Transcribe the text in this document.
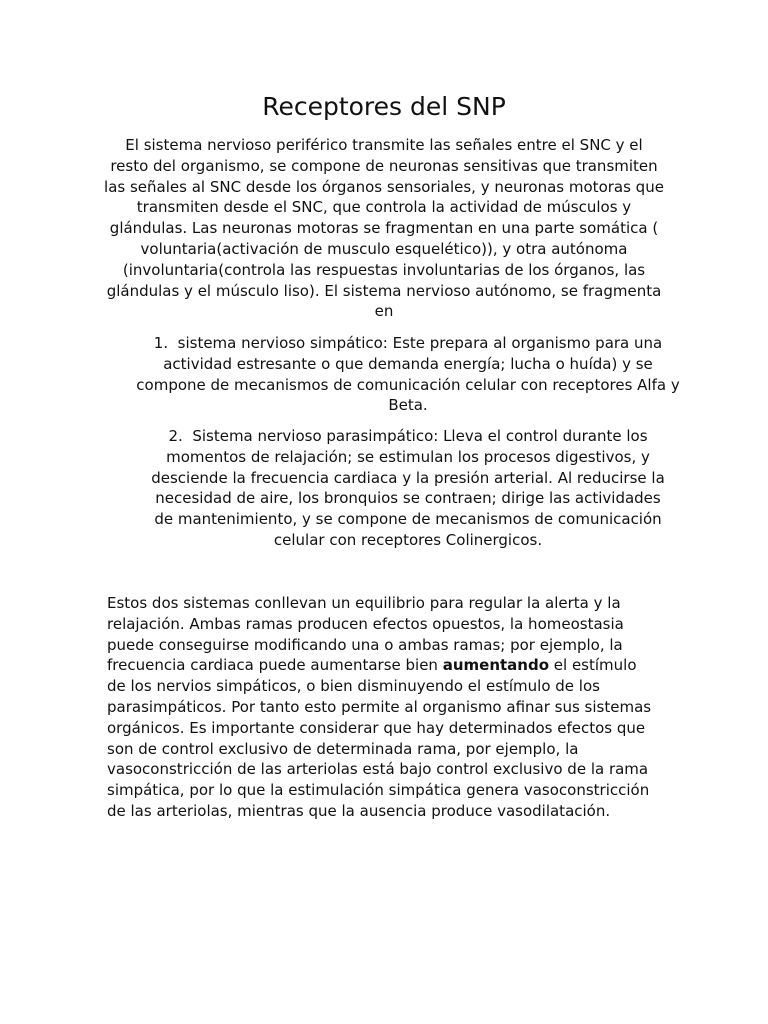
Receptores del SNP

El sistema nervioso periférico transmite las señales entre el SNC y el resto del organismo, se compone de neuronas sensitivas que transmiten las señales al SNC desde los órganos sensoriales, y neuronas motoras que transmiten desde el SNC, que controla la actividad de músculos y glándulas. Las neuronas motoras se fragmentan en una parte somática ( voluntaria(activación de musculo esquelético)), y otra autónoma (involuntaria(controla las respuestas involuntarias de los órganos, las glándulas y el músculo liso). El sistema nervioso autónomo, se fragmenta en

1. sistema nervioso simpático: Este prepara al organismo para una actividad estresante o que demanda energía; lucha o huída) y se compone de mecanismos de comunicación celular con receptores Alfa y Beta.

2. Sistema nervioso parasimpático: Lleva el control durante los momentos de relajación; se estimulan los procesos digestivos, y desciende la frecuencia cardiaca y la presión arterial. Al reducirse la necesidad de aire, los bronquios se contraen; dirige las actividades de mantenimiento, y se compone de mecanismos de comunicación celular con receptores Colinergicos.

Estos dos sistemas conllevan un equilibrio para regular la alerta y la relajación. Ambas ramas producen efectos opuestos, la homeostasia puede conseguirse modificando una o ambas ramas; por ejemplo, la frecuencia cardiaca puede aumentarse bien aumentando el estímulo de los nervios simpáticos, o bien disminuyendo el estímulo de los parasimpáticos. Por tanto esto permite al organismo afinar sus sistemas orgánicos. Es importante considerar que hay determinados efectos que son de control exclusivo de determinada rama, por ejemplo, la vasoconstricción de las arteriolas está bajo control exclusivo de la rama simpática, por lo que la estimulación simpática genera vasoconstricción de las arteriolas, mientras que la ausencia produce vasodilatación.
